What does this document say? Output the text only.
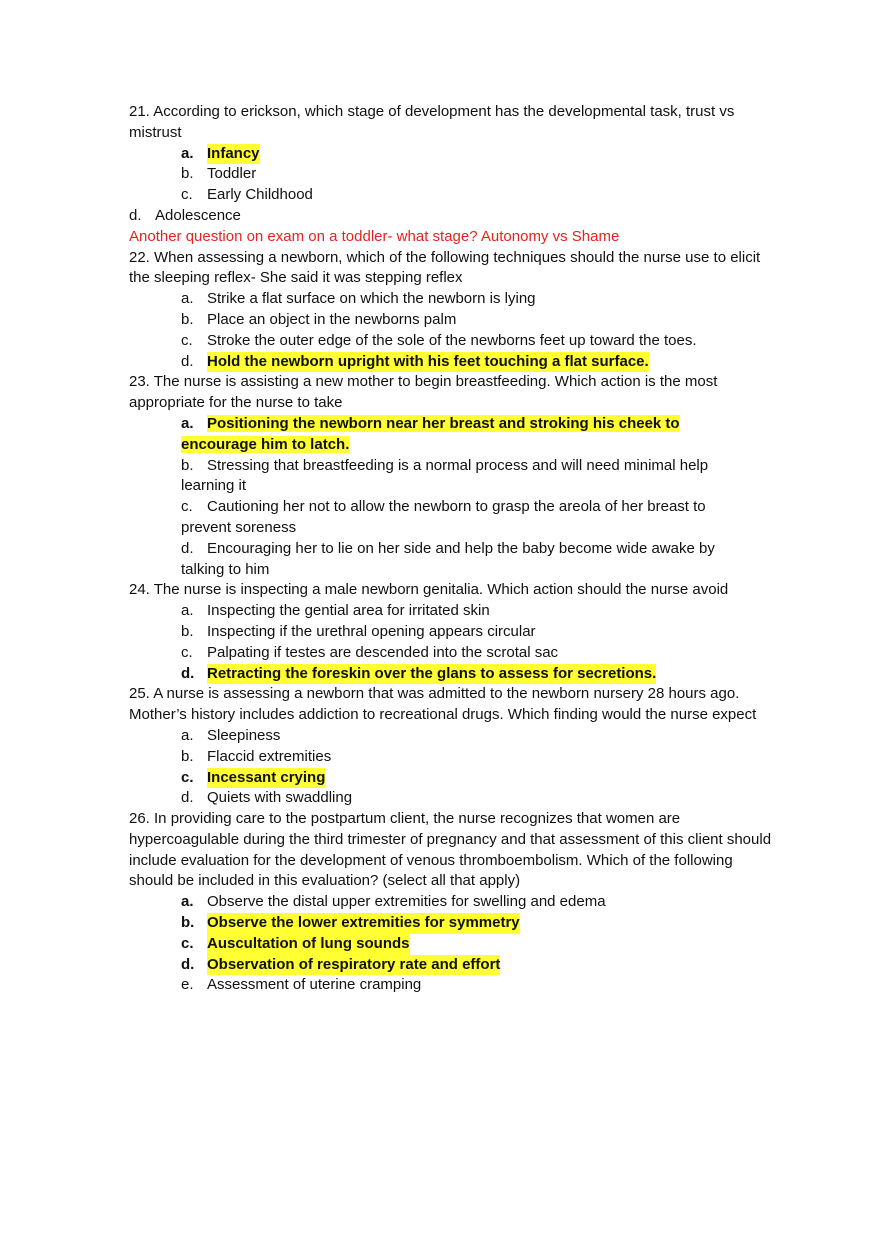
21. According to erickson, which stage of development has the developmental task, trust vs mistrust
a. Infancy
b. Toddler
c. Early Childhood
d. Adolescence
Another question on exam on a toddler- what stage? Autonomy vs Shame
22. When assessing a newborn, which of the following techniques should the nurse use to elicit the sleeping reflex- She said it was stepping reflex
a. Strike a flat surface on which the newborn is lying
b. Place an object in the newborns palm
c. Stroke the outer edge of the sole of the newborns feet up toward the toes.
d. Hold the newborn upright with his feet touching a flat surface.
23. The nurse is assisting a new mother to begin breastfeeding. Which action is the most appropriate for the nurse to take
a. Positioning the newborn near her breast and stroking his cheek to encourage him to latch.
b. Stressing that breastfeeding is a normal process and will need minimal help learning it
c. Cautioning her not to allow the newborn to grasp the areola of her breast to prevent soreness
d. Encouraging her to lie on her side and help the baby become wide awake by talking to him
24. The nurse is inspecting a male newborn genitalia. Which action should the nurse avoid
a. Inspecting the gential area for irritated skin
b. Inspecting if the urethral opening appears circular
c. Palpating if testes are descended into the scrotal sac
d. Retracting the foreskin over the glans to assess for secretions.
25. A nurse is assessing a newborn that was admitted to the newborn nursery 28 hours ago. Mother’s history includes addiction to recreational drugs. Which finding would the nurse expect
a. Sleepiness
b. Flaccid extremities
c. Incessant crying
d. Quiets with swaddling
26. In providing care to the postpartum client, the nurse recognizes that women are hypercoagulable during the third trimester of pregnancy and that assessment of this client should include evaluation for the development of venous thromboembolism. Which of the following should be included in this evaluation? (select all that apply)
a. Observe the distal upper extremities for swelling and edema
b. Observe the lower extremities for symmetry
c. Auscultation of lung sounds
d. Observation of respiratory rate and effort
e. Assessment of uterine cramping
